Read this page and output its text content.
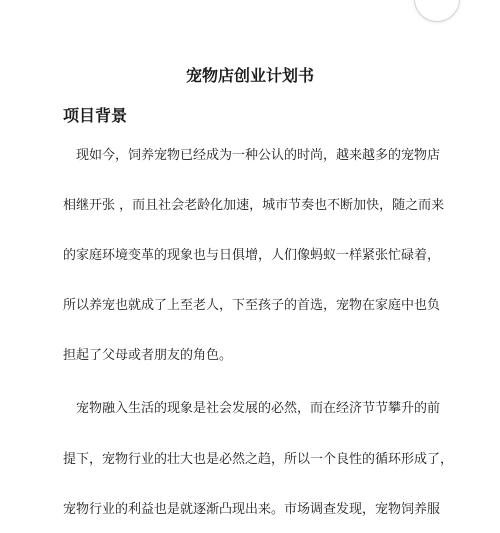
宠物店创业计划书
项目背景
　现如今，饲养宠物已经成为一种公认的时尚，越来越多的宠物店
相继开张 ，而且社会老龄化加速，城市节奏也不断加快，随之而来
的家庭环境变革的现象也与日俱增，人们像蚂蚁一样紧张忙碌着，
所以养宠也就成了上至老人，下至孩子的首选，宠物在家庭中也负
担起了父母或者朋友的角色。
　宠物融入生活的现象是社会发展的必然，而在经济节节攀升的前
提下，宠物行业的壮大也是必然之趋，所以一个良性的循环形成了，
宠物行业的利益也是就逐渐凸现出来。市场调查发现，宠物饲养服
